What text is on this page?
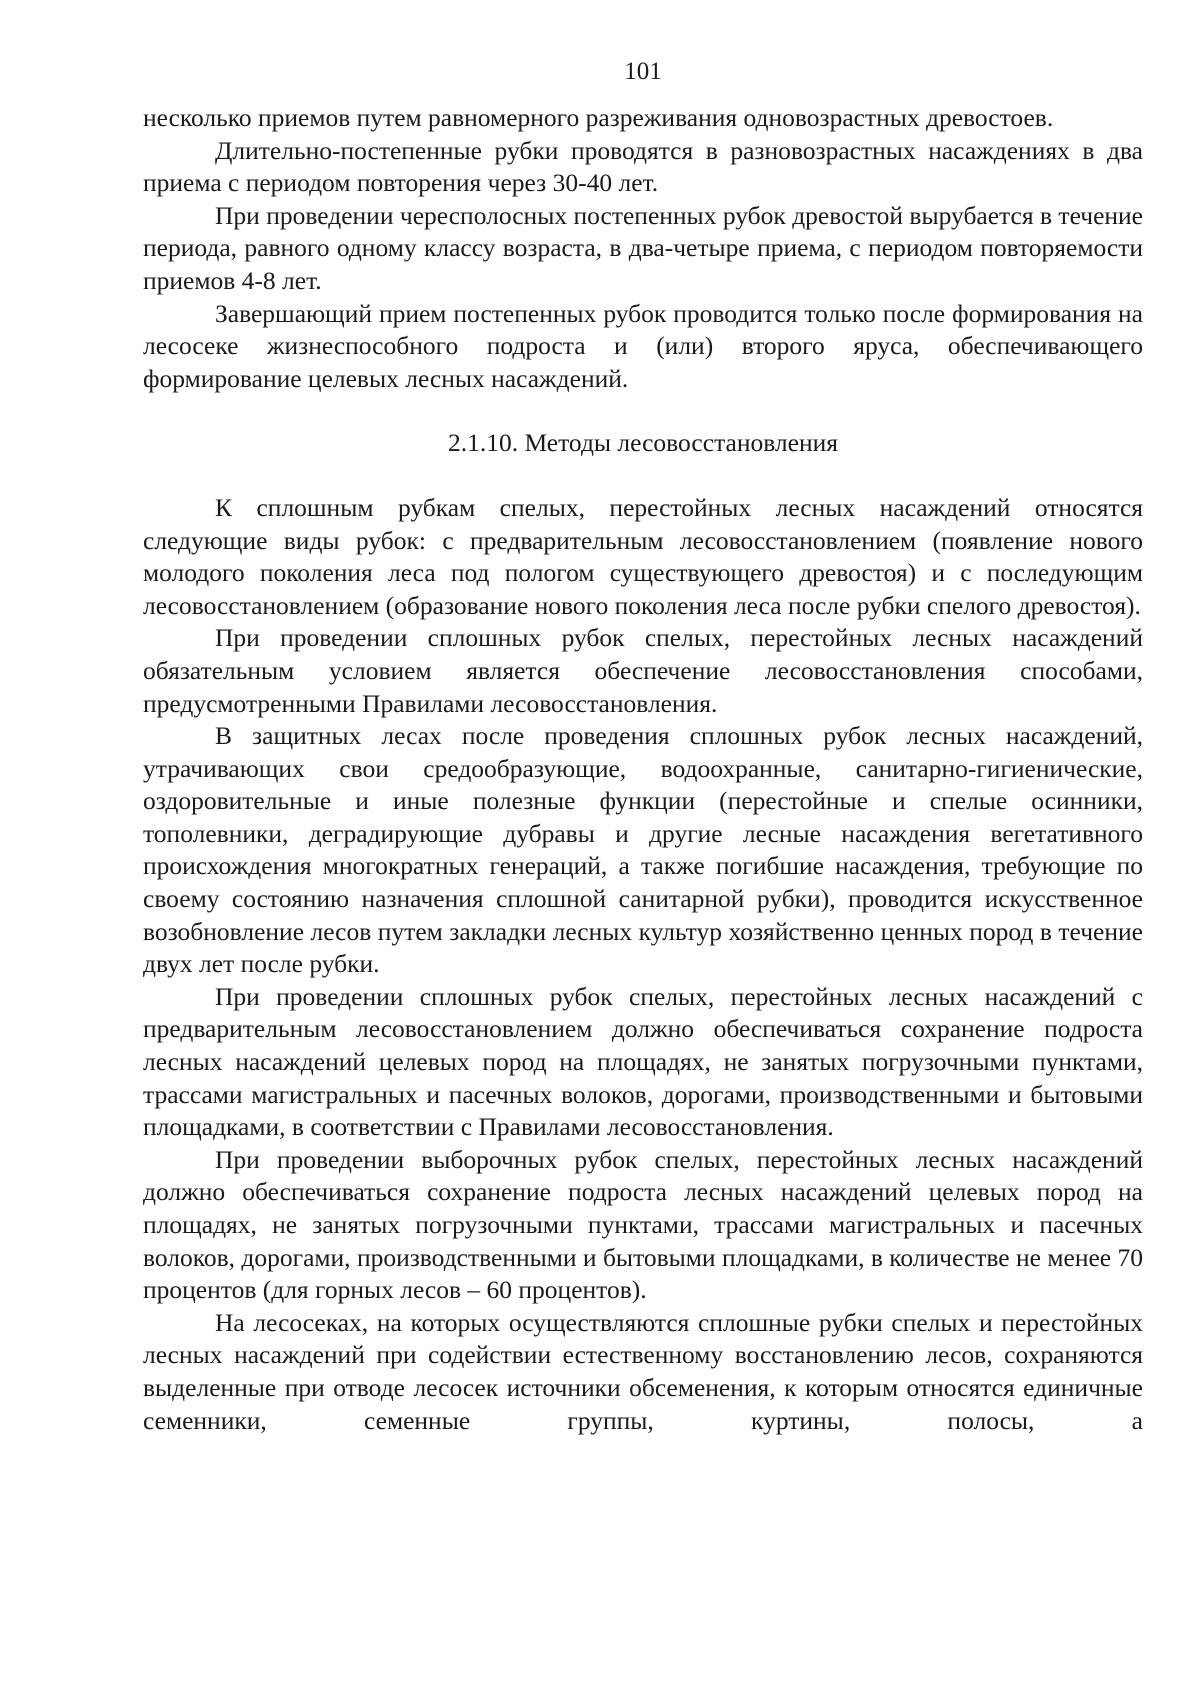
101

несколько приемов путем равномерного разреживания одновозрастных древостоев.

Длительно-постепенные рубки проводятся в разновозрастных насаждениях в два приема с периодом повторения через 30-40 лет.

При проведении чересполосных постепенных рубок древостой вырубается в течение периода, равного одному классу возраста, в два-четыре приема, с периодом повторяемости приемов 4-8 лет.

Завершающий прием постепенных рубок проводится только после формирования на лесосеке жизнеспособного подроста и (или) второго яруса, обеспечивающего формирование целевых лесных насаждений.

2.1.10. Методы лесовосстановления

К сплошным рубкам спелых, перестойных лесных насаждений относятся следующие виды рубок: с предварительным лесовосстановлением (появление нового молодого поколения леса под пологом существующего древостоя) и с последующим лесовосстановлением (образование нового поколения леса после рубки спелого древостоя).

При проведении сплошных рубок спелых, перестойных лесных насаждений обязательным условием является обеспечение лесовосстановления способами, предусмотренными Правилами лесовосстановления.

В защитных лесах после проведения сплошных рубок лесных насаждений, утрачивающих свои средообразующие, водоохранные, санитарно-гигиенические, оздоровительные и иные полезные функции (перестойные и спелые осинники, тополевники, деградирующие дубравы и другие лесные насаждения вегетативного происхождения многократных генераций, а также погибшие насаждения, требующие по своему состоянию назначения сплошной санитарной рубки), проводится искусственное возобновление лесов путем закладки лесных культур хозяйственно ценных пород в течение двух лет после рубки.

При проведении сплошных рубок спелых, перестойных лесных насаждений с предварительным лесовосстановлением должно обеспечиваться сохранение подроста лесных насаждений целевых пород на площадях, не занятых погрузочными пунктами, трассами магистральных и пасечных волоков, дорогами, производственными и бытовыми площадками, в соответствии с Правилами лесовосстановления.

При проведении выборочных рубок спелых, перестойных лесных насаждений должно обеспечиваться сохранение подроста лесных насаждений целевых пород на площадях, не занятых погрузочными пунктами, трассами магистральных и пасечных волоков, дорогами, производственными и бытовыми площадками, в количестве не менее 70 процентов (для горных лесов – 60 процентов).

На лесосеках, на которых осуществляются сплошные рубки спелых и перестойных лесных насаждений при содействии естественному восстановлению лесов, сохраняются выделенные при отводе лесосек источники обсеменения, к которым относятся единичные семенники, семенные группы, куртины, полосы, а
